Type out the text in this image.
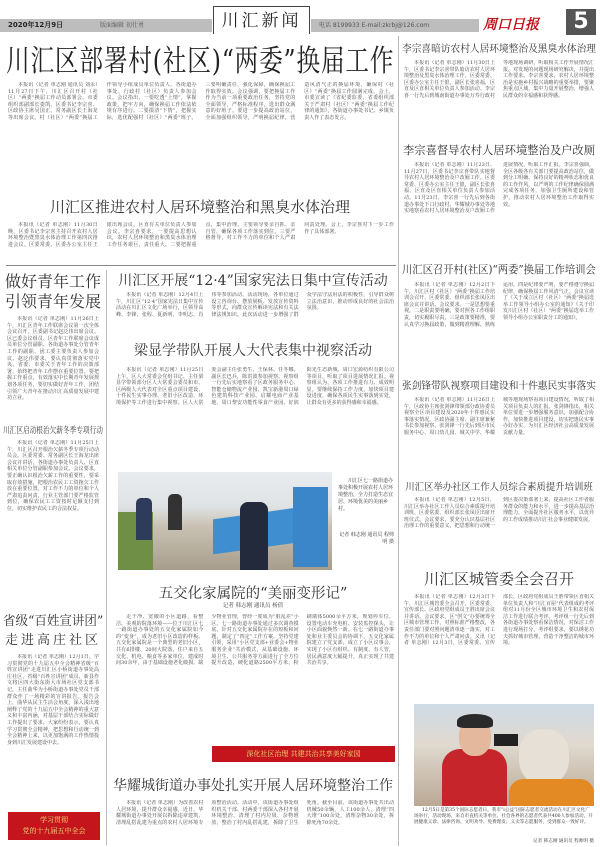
2020年12月9日	版面编辑 初仕勇	川汇新闻	电话 8199933 E-mail:zkrbj@126.com	周口日报	5
川汇区部署村(社区)“两委”换届工作
本报讯（记者 单志刚 通讯员 刘永）11月27日下午，川汇区召开村（社区）“两委”换届工作动员部署会。市委组织部副部长娄凯、区委书记李宗喜、区政协主席吴国正、常务副区长王海龙等出席会议。村（社区）“两委”换届工作领导小组成员单位负责人、各街道办事处、行政村（社区）负责人参加会议。会议指出，一要吃透“上情”，掌握政策，把牢方向，确保换届工作依法依规有序进行。二要摸清“下情”，把握实际，选优配强村（社区）“两委”班子。三要明确责任，强化保障，确保换届工作取得实效。会议强调，要把换届工作作为当前一项重要政治任务，坚持党的全面领导，严格标准程序，选出群众满意的好班子。要进一步提高政治站位，全面加强组织领导，严明换届纪律，营造风清气正的换届环境，确保村（社区）“两委”换届工作圆满完成。会上，市委宣读了《省纪委监委、省委组织部关于严肃村（社区）“两委”换届工作纪律的通知》，各街道办事处书记、乡镇负责人作了表态发言。
川汇区推进农村人居环境整治和黑臭水体治理
本报讯（记者 单志刚）11月30日晚，区委书记李宗喜主持召开农村人居环境整治暨黑臭水体治理工作第四次推进会议。区委常委、区委办公室主任王银出席会议，区直有关单位负责人参加会议。李宗喜要求，一要提高思想认识，农村人居环境整治和黑臭水体治理工作任务艰巨，责任重大。二要把握重点，集中治理，主要领导要亲自抓、亲自管，确保各项工作落实到位。三要严格督导，对工作不力的单位和个人严肃问责处理。会上，李宗喜对下一步工作作了具体部署。
做好青年工作
引领青年发展
本报讯（记者 单志刚）11月26日上午，川汇区青年工作联席会议第一次全体会议召开，区委副书记赵泛伟出席会议。区已委会议组员、区青年工作联席会议成员单位分管副职、各街道办事处分管青年工作的副职、团工委主要负责人参加会议。赵泛伟要求，要认真贯彻落实党中央、省委、市委关于青年工作的决策部署，始终把青年工作摆在重要位置。要把握工作重点，有效落实中长期青年发展规划各项任务，要切实做好青年工作，团结引领广大青年在推动川汇高质量发展中建功立业。
川汇区启动根治欠薪冬季专项行动
本报讯（记者 单志刚）11月25日上午，川汇区召开根治欠薪冬季专项行动动员会。区委常委、常务副区长王海龙出席会议并讲话，各街道办事处负责人、区直相关单位分管副职参加会议。会议要求，要正确认识根治欠薪工作的重要性，要采取有效措施，把根治农民工工资拖欠工作放在重要位置，对工作不力的单位和个人严肃追责问责，行业主管部门要严格监管到位，确保农民工工资按时足额支付到位，切实维护农民工的合法权益。
省级“百姓宣讲团”
走进高庄社区
本报讯（记者 单志刚）12月1日，学习贯彻党的十九届五中全会精神省级“百姓宣讲团”走进川汇区小桥街道办事处高庄社区，省级“百姓宣讲团”成员、新县作文将区四大街东街大市场社区党支部书记，主任曲华为小桥街道办事处党员干部群众作了一场精彩的宣讲报告。报告会上，曲华从民主生活会角度，深入浅出地阐释了党的十九届五中全会精神的重大意义和丰富内涵，对基层干部结合实际做好工作提出了要求。大家纷纷表示，要认真学习贯彻全会精神，把思想和行动统一到全会精神上来，以更加饱满的工作热情投身到川汇发展建设中去。
学习贯彻
党的十九届五中全会
川汇区开展“12·4”国家宪法日集中宣传活动
本报讯（记者 单志刚）12月4日上午，川汇区“12·4”国家宪法日集中宣传活动在川汇区文化广场举行，区领导高峰、李锋、张程、夏新明、李明志、肖伟等参加活动。活动现场，各单位通过设立咨询台、摆放展板、发放宣传资料等形式，向群众宣传解读宪法和有关法律法规知识。此次活动进一步增强了群众学法守法用法的积极性，引导群众树立法治意识，推动形成良好的社会法治氛围。
梁显学带队开展人大代表集中视察活动
本报讯（记者 单志刚）11月25日上午，区人大常委会党组书记、主任梁显学带领部分区人大常委会委员和市、区两级人大代表对全区重点项目建设、十件民生实事办理、老旧小区改造、环境保护等工作进行集中视察。区人大常委会副主任张勇生、王保林、任冬娜，副区长巴兵，陈洪波参加视察。视察组一行先后实地察看了区政务服务中心、智能仓储物流产业园、凯宝新港周口绿色建筑科技产业园、启耀电商产业基地、周口黎安功能性零食产业园、好润阳光生态新城、周口宏源纺织有限公司等项目，听取了项目进展情况汇报。视察组认为，各项工作推进有力、成效明显。要继续保持工作力度，加快项目建设进度，确保各项民生实事落到实处，让群众有更多的获得感和幸福感。
川汇区七一路街道办事处积极开展农村人居环境整治，全力打造生态宜居、环境优美的美丽乡村。
记者 韩志刚 通讯员 程帅明 摄
五交化家属院的“美丽变形记”
记者 韩志刚 通讯员 杨倩
走干净、宽敞的小区道路，看整洁、美观的院落环境——位于川汇区七一路街道办事处的五交化家属院如今的“变身”，成为老旧小区改造的样板。五交化家属院是一个典型的老旧小区，共有6排楼、20间大院落，住户来自五交化、机电、粮食等多家单位，建成时间30余年，由于基础设施老化破损、缺少物业管理，曾经一度成为“脏乱差”小区。七一路街道办事处通过多次调查摸底，针对五交化家属院存在的短板和问题，制定了“四定”工作方案，坚持党建引领，采用“小区党支部+业委会+物业服务企业”共治模式，从基础设施、环境卫生、公共服务等方面进行了全方位提升改造，硬化道路2500平方米，粉刷墙体5000余平方米，规划停车位、设置电动车充电桩、安装监控探头，让小区面貌焕然一新。在七一路街道办事处和业主委员会的协调下，五交化家属院建立了党支部，成立了小区议事会，实现了小区有组织、有制度、有人管，居民满意度大幅提升，真正实现了共建共治共享。
深化社区治理 共建共治共享美好家园
华耀城街道办事处扎实开展人居环境整治工作
本报讯（记者 单志刚）为改善农村人居环境，提升群众幸福感，近日，华耀城街道办事处开展以拆除违章建筑、清理乱搭乱建为重点的农村人居环境专项整治活动。活动中，该街道办事处组织机关干部、村两委干部深入各村开展环境整治，清理了村内垃圾、杂物堆放，整治了村内乱搭乱建，拆除了卫生死角。截至目前，该街道办事处共出动机械50余辆，人工100余人，清理“四大堆”100余处，清理杂物30余处，拆除死角70余处。
李宗喜暗访农村人居环境整治及黑臭水体治理
本报讯（记者 单志刚）11月30日上午，区委书记李宗喜带队暗访农村人居环境整治及黑臭水体治理工作，区委常委、区委办公室主任王银，副区长张喜福，区直及区直相关单位负责人参加活动。李宗喜一行先后到城南街道办事处万寿行政村等地现场调研，听取相关工作开展情况汇报，对发现的问题现场研究解决，并提出工作要求。李宗喜要求，农村人居环境整治是实施乡村振兴战略的重要举措，要聚焦重点区域，集中力量开展整治，增强人民群众的幸福感和获得感。
李宗喜督导农村人居环境整治及户改厕
本报讯（记者 单志刚）11月23日、11月27日，区委书记李宗喜带队实地督导农村人居环境整治及户改厕工作。区委常委、区委办公室主任王银，副区长张喜福，区直及区直相关单位负责人参加活动。11月23日，李宗喜一行先后到各街道办事处下口行政村、华耀城办事处等地实地察看农村人居环境整治及户改厕工作进展情况，听取工作汇报。李宗喜强调，全区各级各有关部门要提高政治站位，做到分工明确、保持良好的精神状态和优良的工作作风，以严明的工作纪律确保圆满完成各项任务，加强卫生厕所建设和管护，推动农村人居环境整治工作取得实效。
川汇区召开村(社区)“两委”换届工作培训会
本报讯（记者 单志刚）12月2日下午，川汇区村（社区）“两委”换届工作培训会召开，区委常委、组织部长张凤臣出席会议并讲话。会议要求，一是思想要重视，二是职责要明确，要对照各工作组职责，切实履职尽责，三是政策要精准，要认真学习换届政策，做到精准理解、熟练运用，四是纪律要严明，要严格遵守换届纪律，确保换届工作风清气正。会议宣读了《关于成立区村（社区）“两委”换届选举工作领导小组办公室的通知》《关于印发川汇区村（社区）“两委”换届选举工作领导小组办公室职责分工的通知》。
张剑锋带队视察项目建设和十件惠民实事落实
本报讯（记者 单志刚）11月26日上午，区政协主席张剑锋带领部分政协委员视察全区项目建设及2020年十件惠民实事落实情况。区政协副主席、副主席兼秘书长参加视察。张剑锋一行先后到区市民服务中心、周口幼儿园、城关中学、华耀城等地现场察看项目建设情况，听取了相关项目负责人的汇报。张剑锋指出，相关单位要进一步增强服务意识，加强配合协作，加快推进项目建设，切实把惠民实事办好办实，为川汇区经济社会高质量发展贡献力量。
川汇区举办社区工作人员综合素质提升培训班
本报讯（记者 单志刚）12月5日，川汇区举办社区工作人员综合素质提升培训班，区委常委、组织部长张凤臣出席开班仪式。会议要求，要充分认识基层社区治理工作的重要意义，把思想和行动统一到区委决策部署上来，提高社区工作者服务群众的能力和水平，进一步提高基层治理能力，全面提升社区服务水平，以优异的工作成绩推动川汇社会事业健康发展。
川汇区城管委全会召开
本报讯（记者 单志刚）12月3日下午，川汇区城管委全会召开，区委常委、宣传部长、区政府党组成员王胜出席会议并讲话。会议要求，区“创文”办要统筹全区城市管理工作，对照标准严格整改，各责任部门要对照问题清单逐一落实，对工作不力的单位和个人严肃问责。又讯（记者 单志刚）12月3日，区委常委、宣传部长、区政府党组成员王胜带领区直相关单位负责人和“川汇百屋”代表组成的考评组对11月份全区城市环境卫生和农村保洁工作进行联合考评。考评组一行先后到各街道办事处察看保洁情况，对保洁工作进行现场打分。考评组要求，要以绣花功夫抓好城市管理，营造干净整洁的城市环境。
12月5日是第35个国际志愿者日。我市“i公益”国际志愿者交流活动在川汇区文化广场举行，活动现场，来自市直机关等单位、社会各界的志愿者代表共400人参加活动，开展健康义诊、法律咨询、文明劝导、免费理发、义卖等志愿服务，受到群众一致好评。
记者 韩志刚 通讯员 程帅明 摄
